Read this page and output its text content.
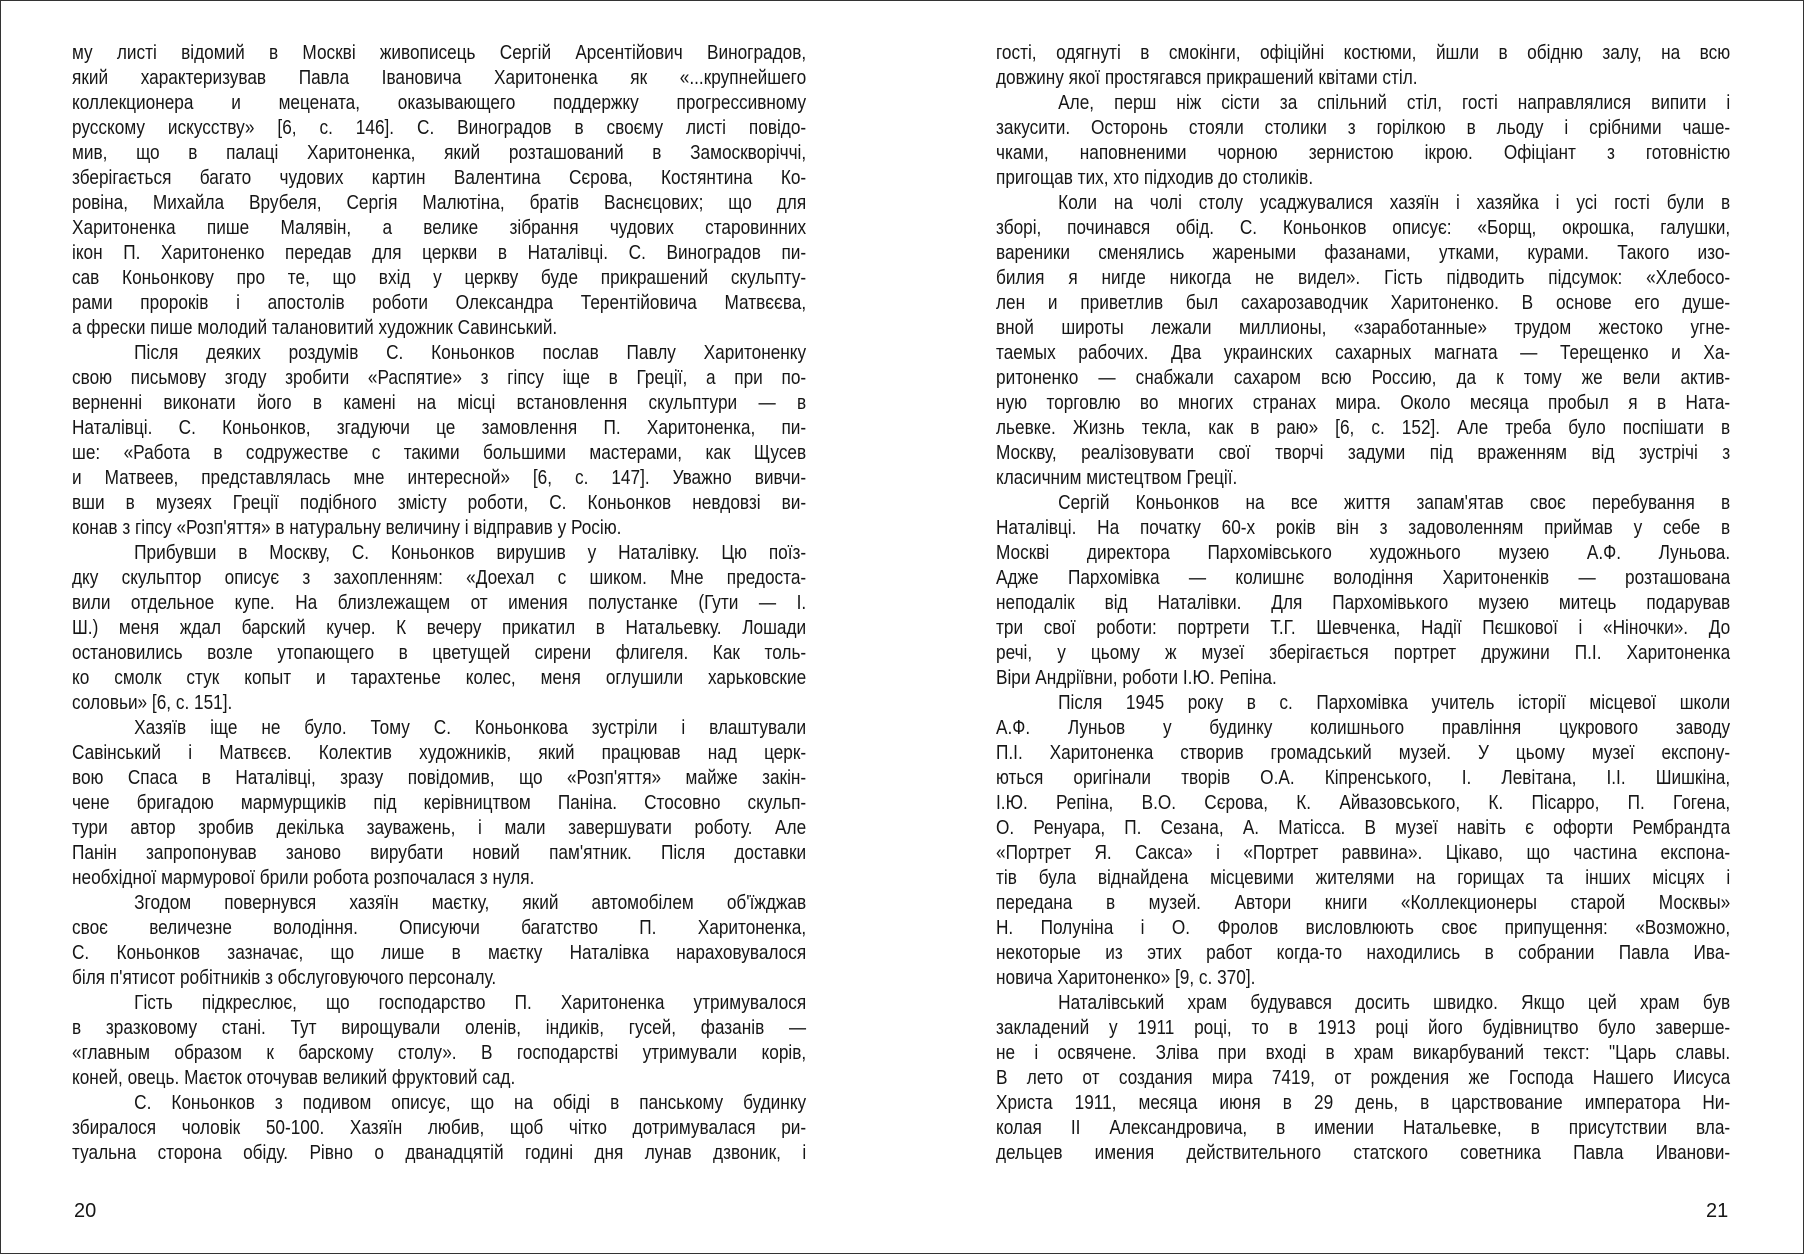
му листі відомий в Москві живописець Сергій Арсентійович Виноградов,
який характеризував Павла Івановича Харитоненка як «...крупнейшего
коллекционера и мецената, оказывающего поддержку прогрессивному
русскому искусству» [6, с. 146]. С. Виноградов в своєму листі повідо-
мив, що в палаці Харитоненка, який розташований в Замоскворіччі,
зберігається багато чудових картин Валентина Сєрова, Костянтина Ко-
ровіна, Михайла Врубеля, Сергія Малютіна, братів Васнєцових; що для
Харитоненка пише Малявін, а велике зібрання чудових старовинних
ікон П. Харитоненко передав для церкви в Наталівці. С. Виноградов пи-
сав Коньонкову про те, що вхід у церкву буде прикрашений скульпту-
рами пророків і апостолів роботи Олександра Терентійовича Матвєєва,
а фрески пише молодий талановитий художник Савинський.
Після деяких роздумів С. Коньонков послав Павлу Харитоненку
свою письмову згоду зробити «Распятие» з гіпсу іще в Греції, а при по-
верненні виконати його в камені на місці встановлення скульптури — в
Наталівці. С. Коньонков, згадуючи це замовлення П. Харитоненка, пи-
ше: «Работа в содружестве с такими большими мастерами, как Щусев
и Матвеев, представлялась мне интересной» [6, с. 147]. Уважно вивчи-
вши в музеях Греції подібного змісту роботи, С. Коньонков невдовзі ви-
конав з гіпсу «Розп'яття» в натуральну величину і відправив у Росію.
Прибувши в Москву, С. Коньонков вирушив у Наталівку. Цю поїз-
дку скульптор описує з захопленням: «Доехал с шиком. Мне предоста-
вили отдельное купе. На близлежащем от имения полустанке (Гути — І.
Ш.) меня ждал барский кучер. К вечеру прикатил в Натальевку. Лошади
остановились возле утопающего в цветущей сирени флигеля. Как толь-
ко смолк стук копыт и тарахтенье колес, меня оглушили харьковские
соловьи» [6, с. 151].
Хазяїв іще не було. Тому С. Коньонкова зустріли і влаштували
Савінський і Матвєєв. Колектив художників, який працював над церк-
вою Спаса в Наталівці, зразу повідомив, що «Розп'яття» майже закін-
чене бригадою мармурщиків під керівництвом Паніна. Стосовно скульп-
тури автор зробив декілька зауважень, і мали завершувати роботу. Але
Панін запропонував заново вирубати новий пам'ятник. Після доставки
необхідної мармурової брили робота розпочалася з нуля.
Згодом повернувся хазяїн маєтку, який автомобілем об'їжджав
своє величезне володіння. Описуючи багатство П. Харитоненка,
С. Коньонков зазначає, що лише в маєтку Наталівка нараховувалося
біля п'ятисот робітників з обслуговуючого персоналу.
Гість підкреслює, що господарство П. Харитоненка утримувалося
в зразковому стані. Тут вирощували оленів, індиків, гусей, фазанів —
«главным образом к барскому столу». В господарстві утримували корів,
коней, овець. Маєток оточував великий фруктовий сад.
С. Коньонков з подивом описує, що на обіді в панському будинку
збиралося чоловік 50-100. Хазяїн любив, щоб чітко дотримувалася ри-
туальна сторона обіду. Рівно о дванадцятій годині дня лунав дзвоник, і
гості, одягнуті в смокінги, офіційні костюми, йшли в обідню залу, на всю
довжину якої простягався прикрашений квітами стіл.
Але, перш ніж сісти за спільний стіл, гості направлялися випити і
закусити. Осторонь стояли столики з горілкою в льоду і срібними чаше-
чками, наповненими чорною зернистою ікрою. Офіціант з готовністю
пригощав тих, хто підходив до столиків.
Коли на чолі столу усаджувалися хазяїн і хазяйка і усі гості були в
зборі, починався обід. С. Коньонков описує: «Борщ, окрошка, галушки,
вареники сменялись жареными фазанами, утками, курами. Такого изо-
билия я нигде никогда не видел». Гість підводить підсумок: «Хлебосо-
лен и приветлив был сахарозаводчик Харитоненко. В основе его душе-
вной широты лежали миллионы, «заработанные» трудом жестоко угне-
таемых рабочих. Два украинских сахарных магната — Терещенко и Ха-
ритоненко — снабжали сахаром всю Россию, да к тому же вели актив-
ную торговлю во многих странах мира. Около месяца пробыл я в Ната-
льевке. Жизнь текла, как в раю» [6, с. 152]. Але треба було поспішати в
Москву, реалізовувати свої творчі задуми під враженням від зустрічі з
класичним мистецтвом Греції.
Сергій Коньонков на все життя запам'ятав своє перебування в
Наталівці. На початку 60-х років він з задоволенням приймав у себе в
Москві директора Пархомівського художнього музею А.Ф. Луньова.
Адже Пархомівка — колишнє володіння Харитоненків — розташована
неподалік від Наталівки. Для Пархомівького музею митець подарував
три свої роботи: портрети Т.Г. Шевченка, Надії Пєшкової і «Ніночки». До
речі, у цьому ж музеї зберігається портрет дружини П.І. Харитоненка
Віри Андріївни, роботи І.Ю. Репіна.
Після 1945 року в с. Пархомівка учитель історії місцевої школи
А.Ф. Луньов у будинку колишнього правління цукрового заводу
П.І. Харитоненка створив громадський музей. У цьому музеї експону-
ються оригінали творів О.А. Кіпренського, І. Левітана, І.І. Шишкіна,
І.Ю. Репіна, В.О. Сєрова, К. Айвазовського, К. Пісарро, П. Гогена,
О. Ренуара, П. Сезана, А. Матісса. В музеї навіть є офорти Рембрандта
«Портрет Я. Сакса» і «Портрет раввина». Цікаво, що частина експона-
тів була віднайдена місцевими жителями на горищах та інших місцях і
передана в музей. Автори книги «Коллекционеры старой Москвы»
Н. Полуніна і О. Фролов висловлюють своє припущення: «Возможно,
некоторые из этих работ когда-то находились в собрании Павла Ива-
новича Харитоненко» [9, с. 370].
Наталівський храм будувався досить швидко. Якщо цей храм був
закладений у 1911 році, то в 1913 році його будівництво було заверше-
не і освячене. Зліва при вході в храм викарбуваний текст: "Царь славы.
В лето от создания мира 7419, от рождения же Господа Нашего Иисуса
Христа 1911, месяца июня в 29 день, в царствование императора Ни-
колая II Александровича, в имении Натальевке, в присутствии вла-
дельцев имения действительного статского советника Павла Иванови-
20	21
